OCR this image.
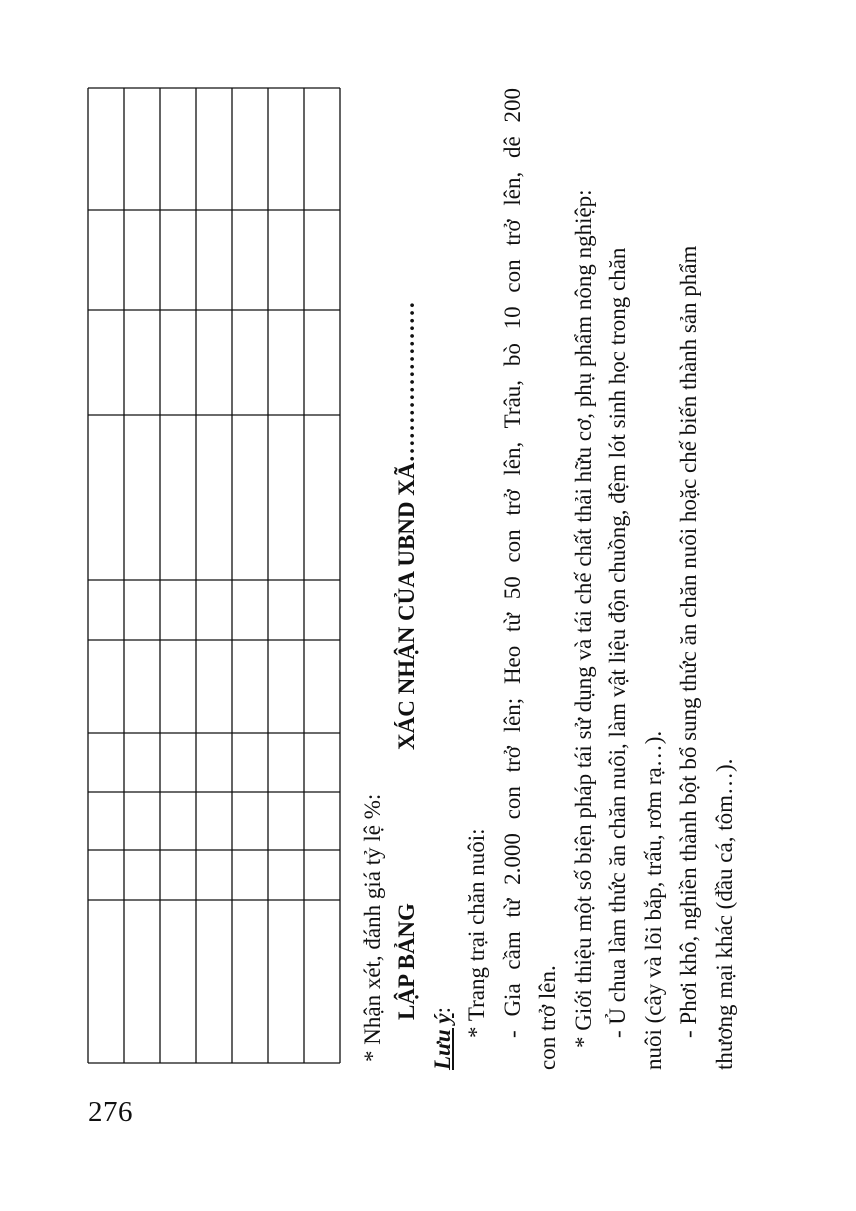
* Nhận xét, đánh giá tỷ lệ %: LẬP BẢNG
XÁC NHẬN CỦA UBND XÃ…………………

Lưu ý: * Trang trại chăn nuôi: - Gia cầm từ 2.000 con trở lên; Heo từ 50 con trở lên, Trâu, bò 10 con trở lên, dê 200 con trở lên. * Giới thiệu một số biện pháp tái sử dụng và tái chế chất thải hữu cơ, phụ phẩm nông nghiệp: - Ủ chua làm thức ăn chăn nuôi, làm vật liệu độn chuồng, đệm lót sinh học trong chăn nuôi (cây và lõi bắp, trấu, rơm rạ…). - Phơi khô, nghiền thành bột bổ sung thức ăn chăn nuôi hoặc chế biến thành sản phẩm thương mại khác (đầu cá, tôm…).

276
